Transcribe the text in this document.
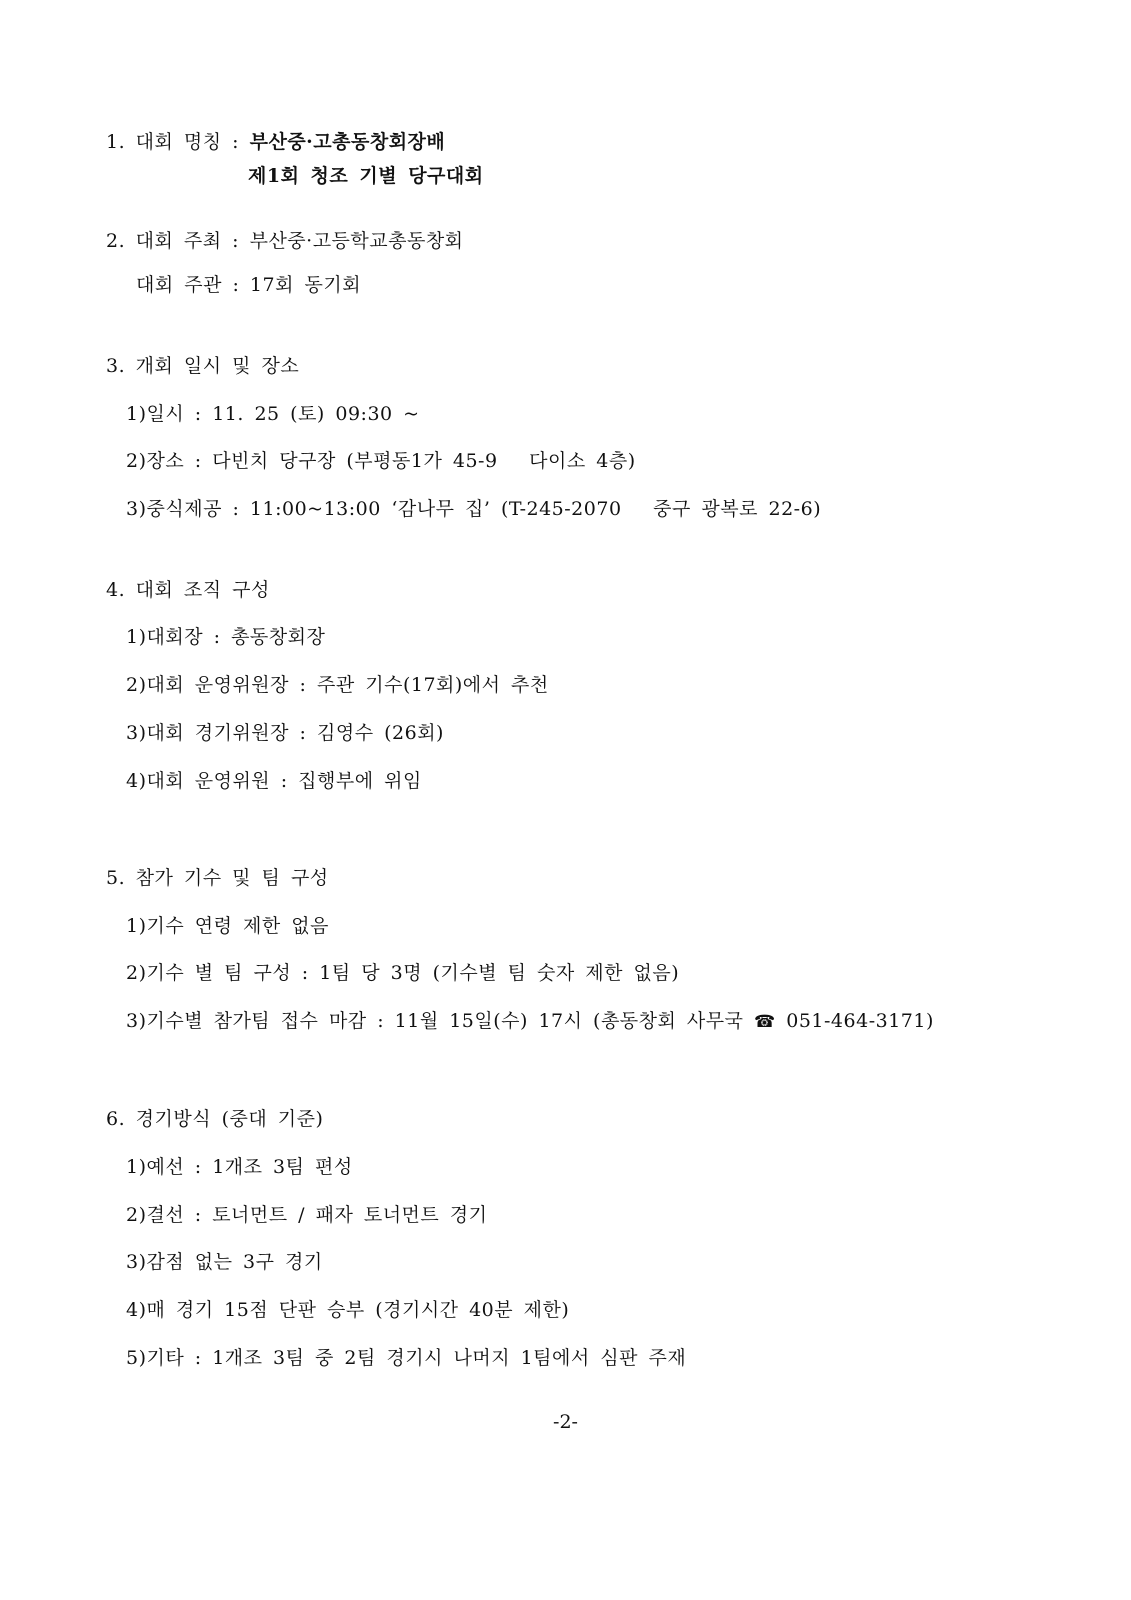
1. 대회 명칭 : 부산중·고총동창회장배
제1회 청조 기별 당구대회
2. 대회 주최 : 부산중·고등학교총동창회
대회 주관 : 17회 동기회
3. 개회 일시 및 장소
1)일시 : 11. 25 (토) 09:30 ~
2)장소 : 다빈치 당구장 (부평동1가 45-9   다이소 4층)
3)중식제공 : 11:00~13:00 ‘감나무 집’ (T-245-2070   중구 광복로 22-6)
4. 대회 조직 구성
1)대회장 : 총동창회장
2)대회 운영위원장 : 주관 기수(17회)에서 추천
3)대회 경기위원장 : 김영수 (26회)
4)대회 운영위원 : 집행부에 위임
5. 참가 기수 및 팀 구성
1)기수 연령 제한 없음
2)기수 별 팀 구성 : 1팀 당 3명 (기수별 팀 숫자 제한 없음)
3)기수별 참가팀 접수 마감 : 11월 15일(수) 17시 (총동창회 사무국 ☎ 051-464-3171)
6. 경기방식 (중대 기준)
1)예선 : 1개조 3팀 편성
2)결선 : 토너먼트 / 패자 토너먼트 경기
3)감점 없는 3구 경기
4)매 경기 15점 단판 승부 (경기시간 40분 제한)
5)기타 : 1개조 3팀 중 2팀 경기시 나머지 1팀에서 심판 주재
-2-
